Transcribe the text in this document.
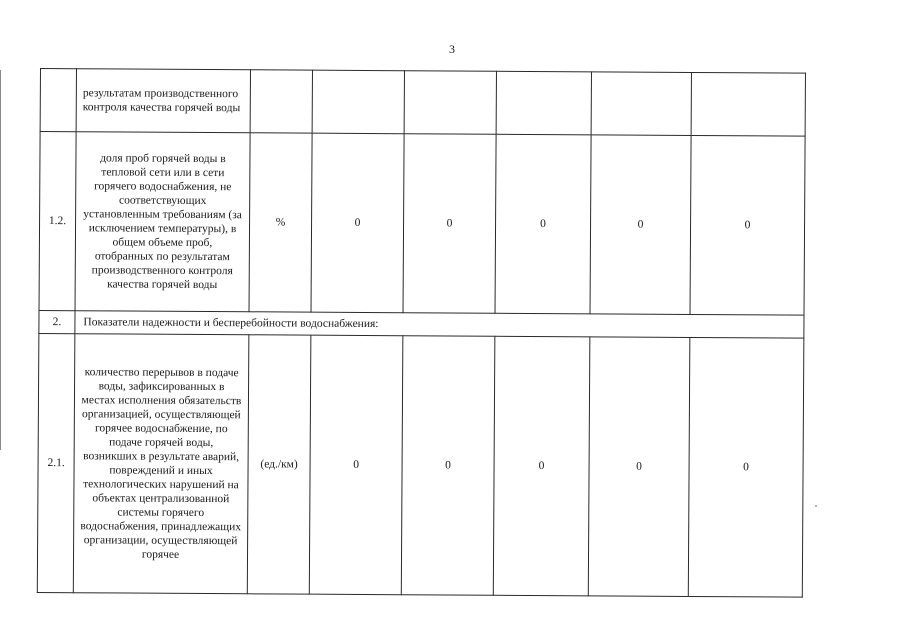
3
	результатам производственного контроля качества горячей воды						
1.2.	доля проб горячей воды в тепловой сети или в сети горячего водоснабжения, не соответствующих установленным требованиям (за исключением температуры), в общем объеме проб, отобранных по результатам производственного контроля качества горячей воды	%	0	0	0	0	0
2.	Показатели надежности и бесперебойности водоснабжения:						
2.1.	количество перерывов в подаче воды, зафиксированных в местах исполнения обязательств организацией, осуществляющей горячее водоснабжение, по подаче горячей воды, возникших в результате аварий, повреждений и иных технологических нарушений на объектах централизованной системы горячего водоснабжения, принадлежащих организации, осуществляющей горячее	(ед./км)	0	0	0	0	0
